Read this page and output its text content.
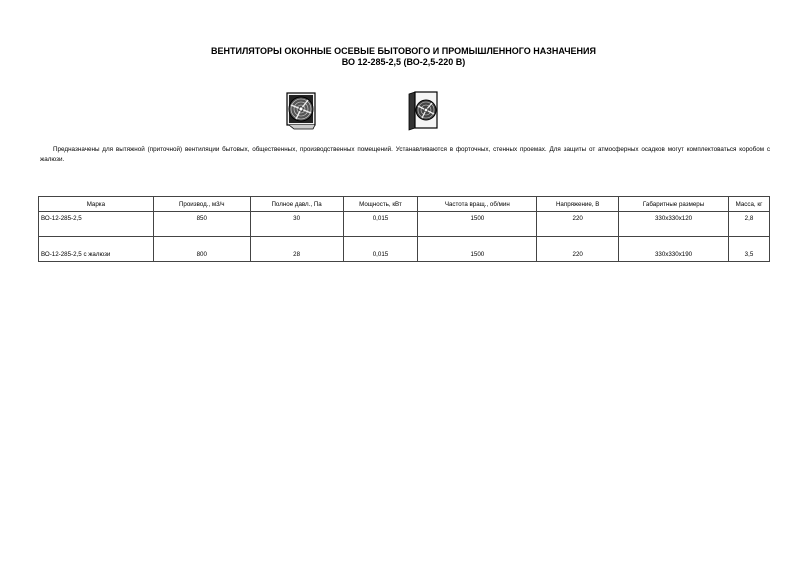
ВЕНТИЛЯТОРЫ ОКОННЫЕ ОСЕВЫЕ БЫТОВОГО И ПРОМЫШЛЕННОГО НАЗНАЧЕНИЯ
ВО 12-285-2,5 (ВО-2,5-220 В)
Предназначены для вытяжной (приточной) вентиляции бытовых, общественных, производственных помещений. Устанавливаются в форточных, стенных проемах. Для защиты от атмосферных осадков могут комплектоваться коробом с жалюзи.
Марка	Производ., м3/ч	Полное давл., Па	Мощность, кВт	Частота вращ., об/мин	Напряжение, В	Габаритные размеры	Масса, кг
ВО-12-285-2,5	850	30	0,015	1500	220	330x330x120	2,8
ВО-12-285-2,5 с жалюзи	800	28	0,015	1500	220	330x330x190	3,5
